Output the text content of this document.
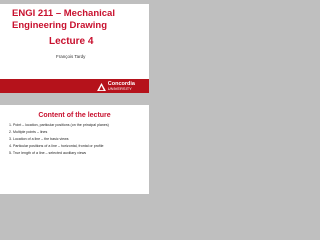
ENGI 211 – Mechanical Engineering Drawing
Lecture 4
François Tardy
Concordia
UNIVERSITY
Content of the lecture
1. Point – location, particular positions (on the principal planes)
2. Multiple points – lines
3. Location of a line – the basic views
4. Particular positions of a line – horizontal, frontal or profile
5. True length of a line – selected auxiliary views
